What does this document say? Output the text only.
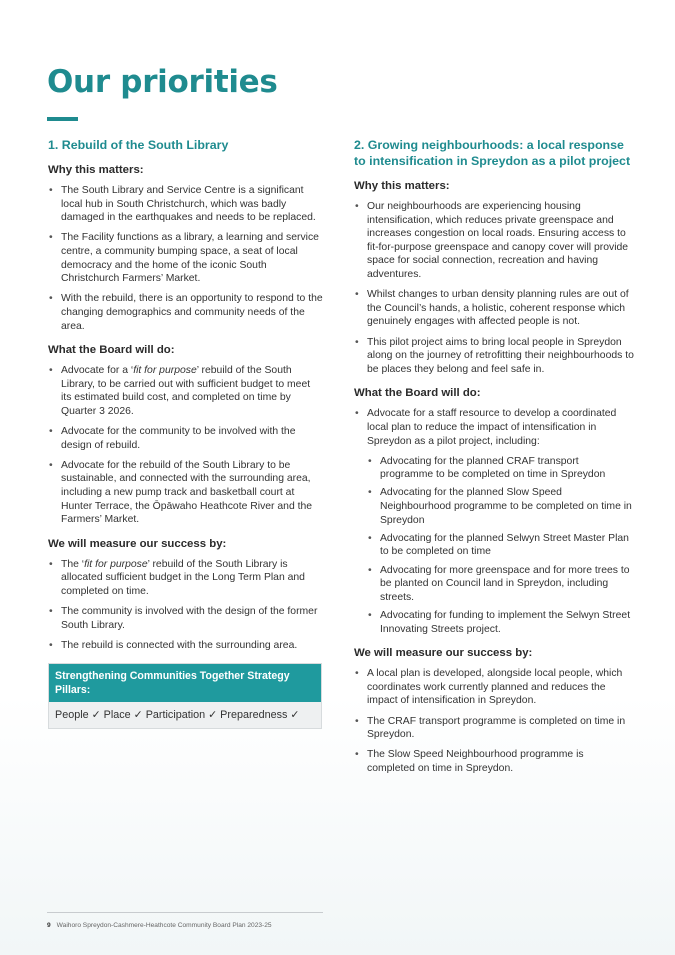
Our priorities
1. Rebuild of the South Library
Why this matters:
• The South Library and Service Centre is a significant local hub in South Christchurch, which was badly damaged in the earthquakes and needs to be replaced.
• The Facility functions as a library, a learning and service centre, a community bumping space, a seat of local democracy and the home of the iconic South Christchurch Farmers’ Market.
• With the rebuild, there is an opportunity to respond to the changing demographics and community needs of the area.
What the Board will do:
• Advocate for a ‘fit for purpose’ rebuild of the South Library, to be carried out with sufficient budget to meet its estimated build cost, and completed on time by Quarter 3 2026.
• Advocate for the community to be involved with the design of rebuild.
• Advocate for the rebuild of the South Library to be sustainable, and connected with the surrounding area, including a new pump track and basketball court at Hunter Terrace, the Ōpāwaho Heathcote River and the Farmers’ Market.
We will measure our success by:
• The ‘fit for purpose’ rebuild of the South Library is allocated sufficient budget in the Long Term Plan and completed on time.
• The community is involved with the design of the former South Library.
• The rebuild is connected with the surrounding area.
Strengthening Communities Together Strategy Pillars:
People ✓ Place ✓ Participation ✓ Preparedness ✓
2. Growing neighbourhoods: a local response to intensification in Spreydon as a pilot project
Why this matters:
• Our neighbourhoods are experiencing housing intensification, which reduces private greenspace and increases congestion on local roads. Ensuring access to fit-for-purpose greenspace and canopy cover will provide space for social connection, recreation and having adventures.
• Whilst changes to urban density planning rules are out of the Council’s hands, a holistic, coherent response which genuinely engages with affected people is not.
• This pilot project aims to bring local people in Spreydon along on the journey of retrofitting their neighbourhoods to be places they belong and feel safe in.
What the Board will do:
• Advocate for a staff resource to develop a coordinated local plan to reduce the impact of intensification in Spreydon as a pilot project, including:
• Advocating for the planned CRAF transport programme to be completed on time in Spreydon
• Advocating for the planned Slow Speed Neighbourhood programme to be completed on time in Spreydon
• Advocating for the planned Selwyn Street Master Plan to be completed on time
• Advocating for more greenspace and for more trees to be planted on Council land in Spreydon, including streets.
• Advocating for funding to implement the Selwyn Street Innovating Streets project.
We will measure our success by:
• A local plan is developed, alongside local people, which coordinates work currently planned and reduces the impact of intensification in Spreydon.
• The CRAF transport programme is completed on time in Spreydon.
• The Slow Speed Neighbourhood programme is completed on time in Spreydon.
9 Waihoro Spreydon-Cashmere-Heathcote Community Board Plan 2023-25
